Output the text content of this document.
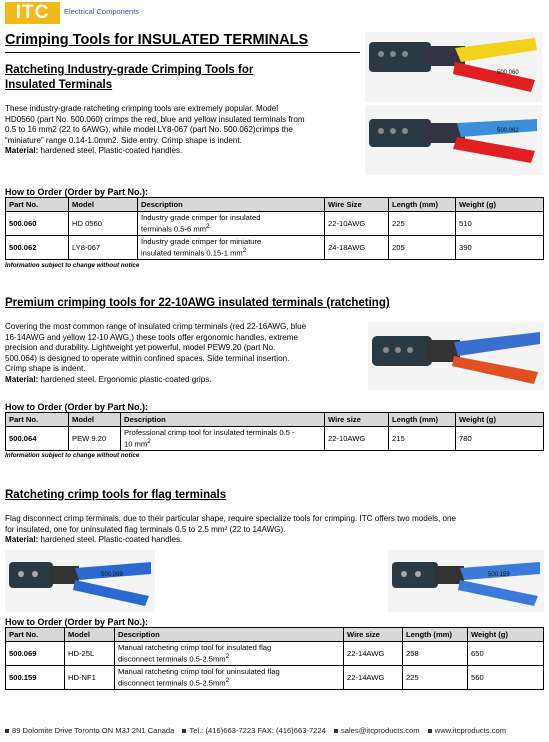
ITC	Electrical Components
Crimping Tools for INSULATED TERMINALS
500.060
Ratcheting Industry-grade Crimping Tools for
Insulated Terminals
500.062
These industry-grade ratcheting crimping tools are extremely popular. Model
HD0560 (part No. 500.060) crimps the red, blue and yellow insulated terminals from
0.5 to 16 mm2 (22 to 6AWG), while model LY8-067 (part No. 500.062)crimps the
“miniature” range 0.14-1.0mm2. Side entry. Crimp shape is indent.
Material: hardened steel. Plastic-coated handles.
How to Order (Order by Part No.):
Part No.	Model	Description	Wire Size	Length (mm)	Weight (g)
500.060	HD 0560	Industry grade crimper for insulated
terminals 0.5-6 $mm^2$	22-10AWG	225	510
500.062	LY8-067	Industry grade crimper for miniature
insulated terminals 0.15-1 $mm^2$	24-18AWG	205	390
Information subject to change without notice
Premium crimping tools for 22-10AWG insulated terminals (ratcheting)
Covering the most common range of insulated crimp terminals (red 22-16AWG, blue
16-14AWG and yellow 12-10 AWG,) these tools offer ergonomic handles, extreme
precision and durability. Lightweight yet powerful, model PEW9.20 (part No.
500.064) is designed to operate within confined spaces. Side terminal insertion.
Crimp shape is indent.
Material: hardened steel. Ergonomic plastic-coated grips.
How to Order (Order by Part No.):
Part No.	Model	Description	Wire size	Length (mm)	Weight (g)
500.064	PEW 9.20	Professional crimp tool for insulated terminals 0.5 -
10 $mm^2$	22-10AWG	215	780
Information subject to change without notice
Ratcheting crimp tools for flag terminals
Flag disconnect crimp terminals, due to their particular shape, require specialize tools for crimping. ITC offers two models, one
for insulated, one for uninsulated flag terminals 0.5 to 2.5 mm² (22 to 14AWG).
Material: hardened steel. Plastic-coated handles.
500.069	500.159
How to Order (Order by Part No.):
Part No.	Model	Description	Wire size	Length (mm)	Weight (g)
500.069	HD-25L	Manual ratcheting crimp tool for insulated flag
disconnect terminals $0.5-2.5mm^2$	22-14AWG	258	650
500.159	HD-NF1	Manual ratcheting crimp tool for uninsulated flag
disconnect terminals $0.5-2.5mm^2$	22-14AWG	225	560
89 Dolomite Drive Toronto ON M3J 2N1 Canada Tel.: (416)663-7223 FAX: (416)663-7224 sales@itcproducts.com www.itcproducts.com
